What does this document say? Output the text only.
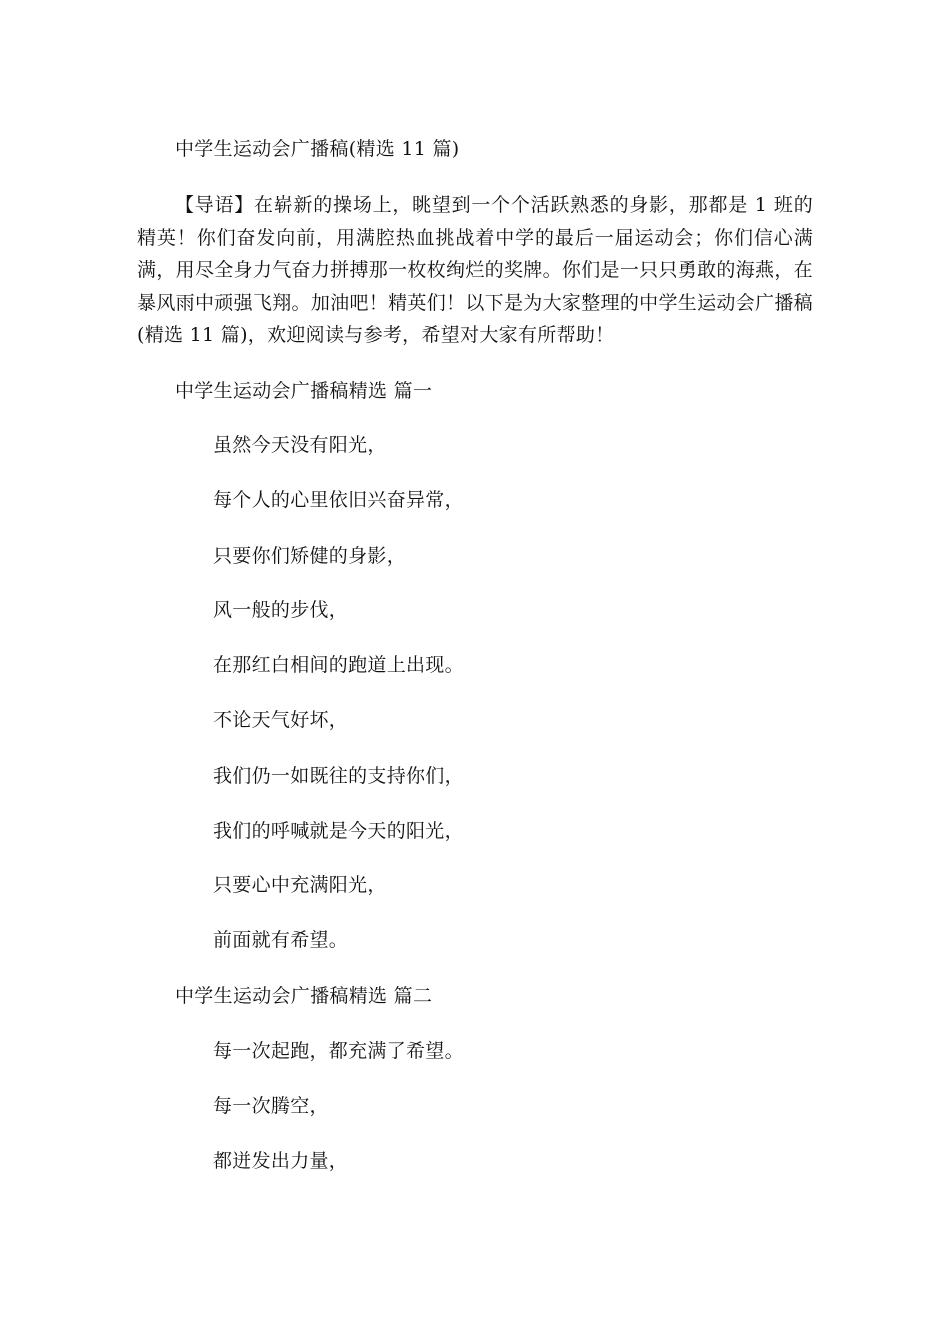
中学生运动会广播稿(精选 11 篇)

【导语】在崭新的操场上，眺望到一个个活跃熟悉的身影，那都是 1 班的精英！你们奋发向前，用满腔热血挑战着中学的最后一届运动会；你们信心满满，用尽全身力气奋力拼搏那一枚枚绚烂的奖牌。你们是一只只勇敢的海燕，在暴风雨中顽强飞翔。加油吧！精英们！以下是为大家整理的中学生运动会广播稿(精选 11 篇)，欢迎阅读与参考，希望对大家有所帮助！

中学生运动会广播稿精选 篇一
虽然今天没有阳光，
每个人的心里依旧兴奋异常，
只要你们矫健的身影，
风一般的步伐，
在那红白相间的跑道上出现。
不论天气好坏，
我们仍一如既往的支持你们，
我们的呼喊就是今天的阳光，
只要心中充满阳光，
前面就有希望。
中学生运动会广播稿精选 篇二
每一次起跑，都充满了希望。
每一次腾空，
都迸发出力量，
